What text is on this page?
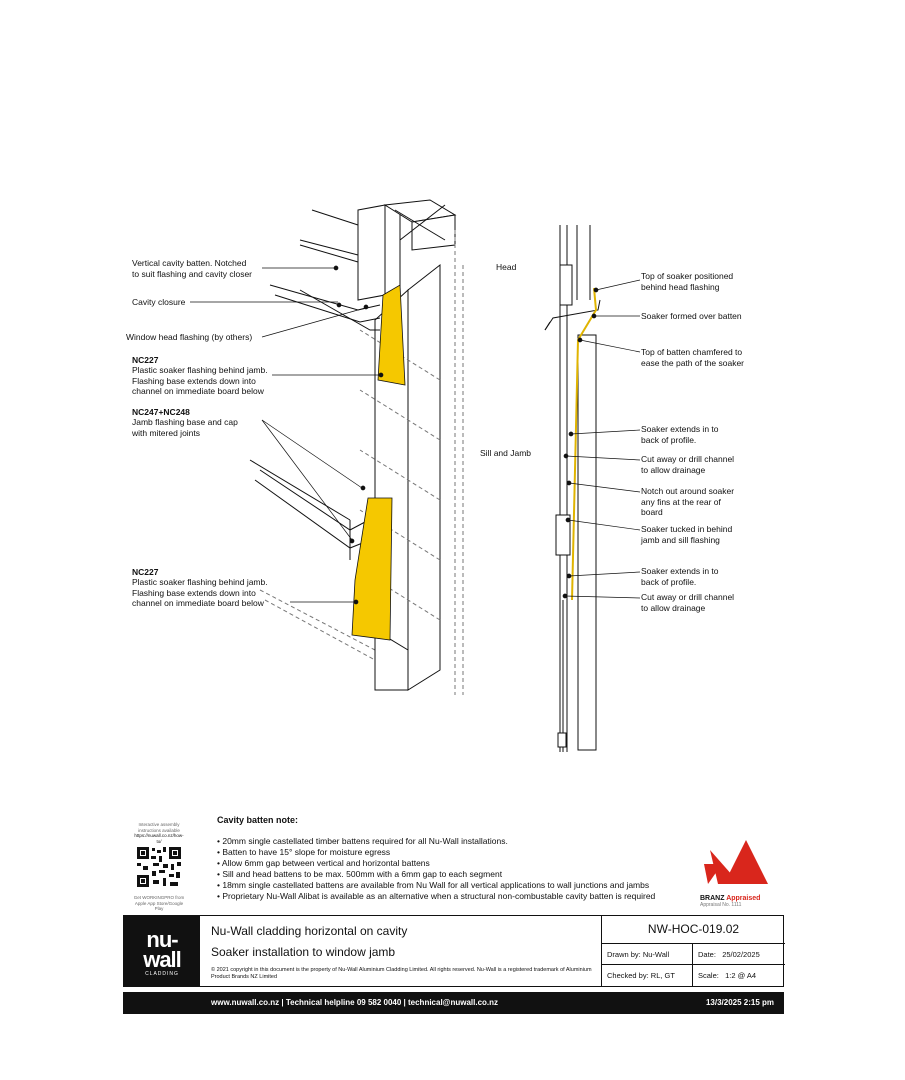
Vertical cavity batten. Notched
to suit flashing and cavity closer
Cavity closure
Window head flashing (by others)
NC227
Plastic soaker flashing behind jamb.
Flashing base extends down into
channel on immediate board below
NC247+NC248
Jamb flashing base and cap
with mitered joints
NC227
Plastic soaker flashing behind jamb.
Flashing base extends down into
channel on immediate board below
Head
Sill and Jamb
Top of soaker positioned
behind head flashing
Soaker formed over batten
Top of batten chamfered to
ease the path of the soaker
Soaker extends in to
back of profile.
Cut away or drill channel
to allow drainage
Notch out around soaker
any fins at the rear of
board
Soaker tucked in behind
jamb and sill flashing
Soaker extends in to
back of profile.
Cut away or drill channel
to allow drainage
Cavity batten note:
• 20mm single castellated timber battens required for all Nu-Wall installations.
• Batten to have 15° slope for moisture egress
• Allow 6mm gap between vertical and horizontal battens
• Sill and head battens to be max. 500mm with a 6mm gap to each segment
• 18mm single castellated battens are available from Nu Wall for all vertical applications to wall junctions and jambs
• Proprietary Nu-Wall Alibat is available as an alternative when a structural non-combustable cavity batten is required
Interactive assembly instructions available
https://nuwall.co.nz/how-to/
Get WORKINGPRO from Apple App Store/Google Play
BRANZ Appraised
Appraisal No. 1111
nu-
wall
CLADDING
Nu-Wall cladding horizontal on cavity
Soaker installation to window jamb
© 2021 copyright in this document is the property of Nu-Wall Aluminium Cladding Limited. All rights reserved. Nu-Wall is a registered trademark of Aluminium Product Brands NZ Limited
NW-HOC-019.02
Drawn by: Nu-Wall	Date: 25/02/2025
Checked by: RL, GT	Scale: 1:2 @ A4
www.nuwall.co.nz | Technical helpline 09 582 0040 | technical@nuwall.co.nz	13/3/2025 2:15 pm
